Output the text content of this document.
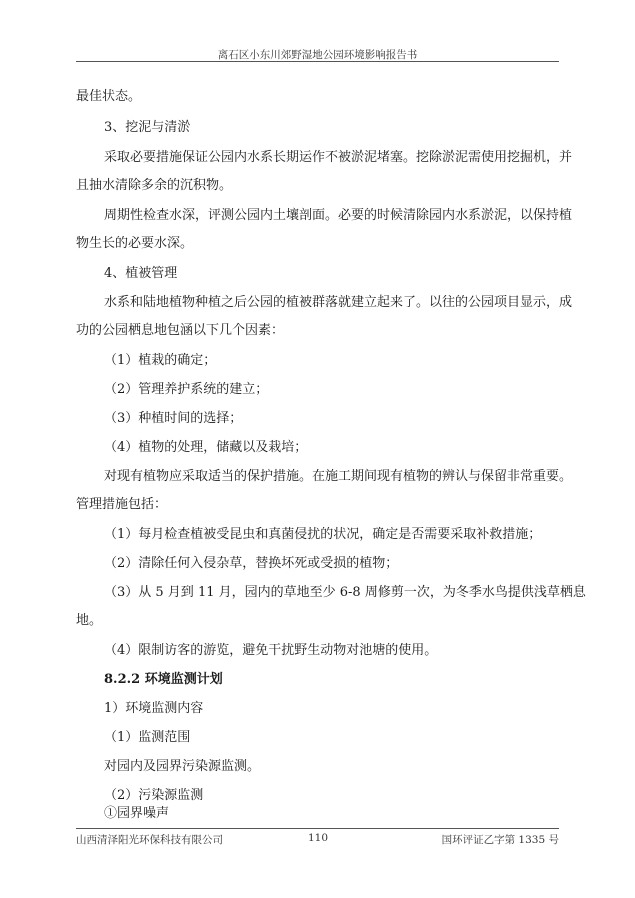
离石区小东川郊野湿地公园环境影响报告书
最佳状态。
3、挖泥与清淤
采取必要措施保证公园内水系长期运作不被淤泥堵塞。挖除淤泥需使用挖掘机，并
且抽水清除多余的沉积物。
周期性检查水深，评测公园内土壤剖面。必要的时候清除园内水系淤泥，以保持植
物生长的必要水深。
4、植被管理
水系和陆地植物种植之后公园的植被群落就建立起来了。以往的公园项目显示，成
功的公园栖息地包涵以下几个因素：
（1）植栽的确定；
（2）管理养护系统的建立；
（3）种植时间的选择；
（4）植物的处理，储藏以及栽培；
对现有植物应采取适当的保护措施。在施工期间现有植物的辨认与保留非常重要。
管理措施包括：
（1）每月检查植被受昆虫和真菌侵扰的状况，确定是否需要采取补救措施；
（2）清除任何入侵杂草，替换坏死或受损的植物；
（3）从 5 月到 11 月，园内的草地至少 6-8 周修剪一次，为冬季水鸟提供浅草栖息
地。
（4）限制访客的游览，避免干扰野生动物对池塘的使用。
8.2.2 环境监测计划
1）环境监测内容
（1）监测范围
对园内及园界污染源监测。
（2）污染源监测
①园界噪声
山西清泽阳光环保科技有限公司	110	国环评证乙字第 1335 号
